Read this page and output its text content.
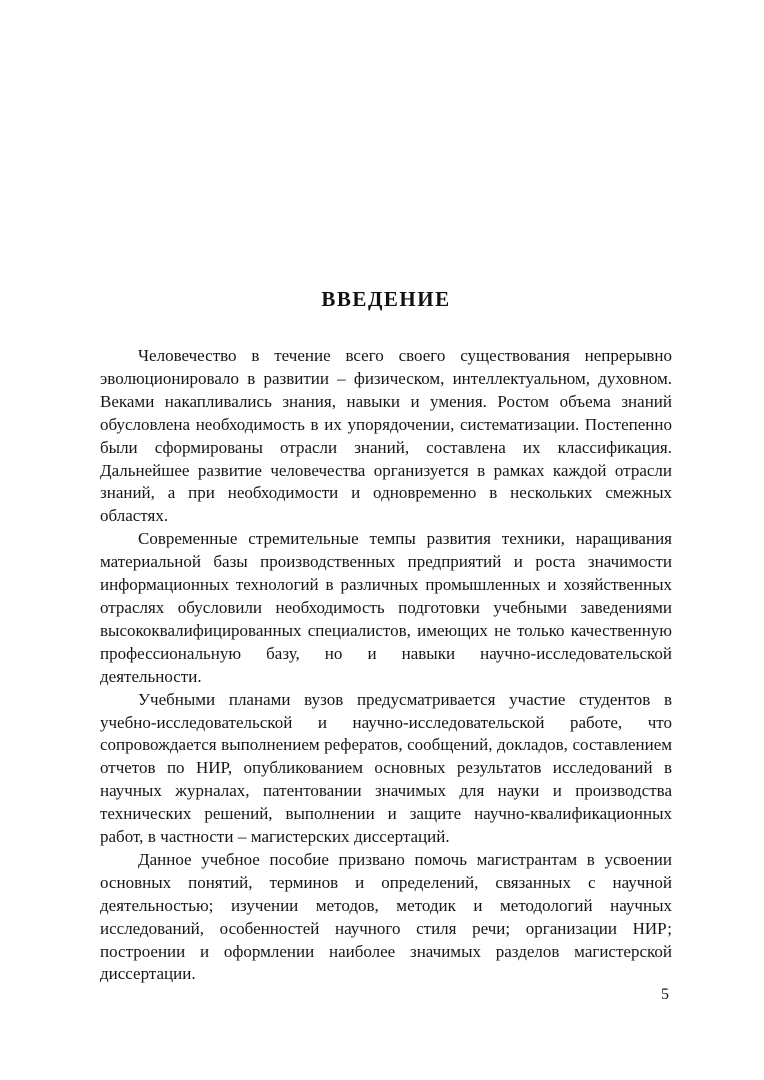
ВВЕДЕНИЕ

Человечество в течение всего своего существования непрерывно эволюционировало в развитии – физическом, интеллектуальном, духовном. Веками накапливались знания, навыки и умения. Ростом объема знаний обусловлена необходимость в их упорядочении, систематизации. Постепенно были сформированы отрасли знаний, составлена их классификация. Дальнейшее развитие человечества организуется в рамках каждой отрасли знаний, а при необходимости и одновременно в нескольких смежных областях.

Современные стремительные темпы развития техники, наращивания материальной базы производственных предприятий и роста значимости информационных технологий в различных промышленных и хозяйственных отраслях обусловили необходимость подготовки учебными заведениями высококвалифицированных специалистов, имеющих не только качественную профессиональную базу, но и навыки научно-исследовательской деятельности.

Учебными планами вузов предусматривается участие студентов в учебно-исследовательской и научно-исследовательской работе, что сопровождается выполнением рефератов, сообщений, докладов, составлением отчетов по НИР, опубликованием основных результатов исследований в научных журналах, патентовании значимых для науки и производства технических решений, выполнении и защите научно-квалификационных работ, в частности – магистерских диссертаций.

Данное учебное пособие призвано помочь магистрантам в усвоении основных понятий, терминов и определений, связанных с научной деятельностью; изучении методов, методик и методологий научных исследований, особенностей научного стиля речи; организации НИР; построении и оформлении наиболее значимых разделов магистерской диссертации.

5
